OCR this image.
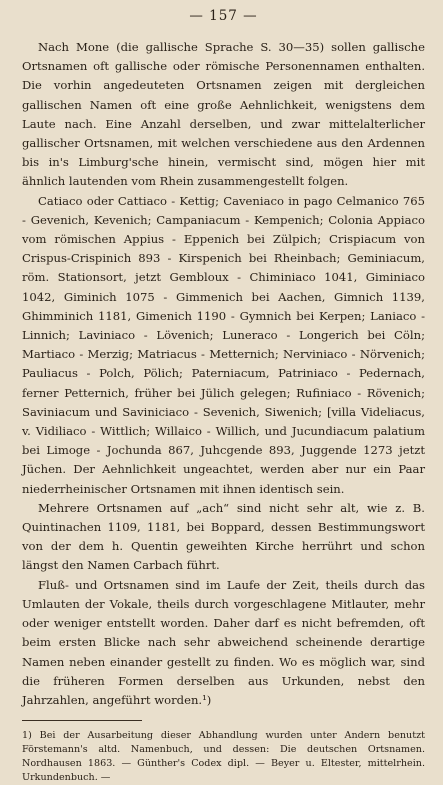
— 157 —

Nach Mone (die gallische Sprache S. 30—35) sollen gallische Ortsnamen oft gallische oder römische Personennamen enthalten. Die vorhin angedeuteten Ortsnamen zeigen mit dergleichen gallischen Namen oft eine große Aehnlichkeit, wenigstens dem Laute nach. Eine Anzahl derselben, und zwar mittelalterlicher gallischer Ortsnamen, mit welchen verschiedene aus den Ardennen bis in's Limburg'sche hinein, vermischt sind, mögen hier mit ähnlich lautenden vom Rhein zusammengestellt folgen.

Catiaco oder Cattiaco - Kettig; Caveniaco in pago Celmanico 765 - Gevenich, Kevenich; Campaniacum - Kempenich; Colonia Appiaco vom römischen Appius - Eppenich bei Zülpich; Crispiacum von Crispus-Crispinich 893 - Kirspenich bei Rheinbach; Geminiacum, röm. Stationsort, jetzt Gembloux - Chiminiaco 1041, Giminiaco 1042, Giminich 1075 - Gimmenich bei Aachen, Gimnich 1139, Ghimminich 1181, Gimenich 1190 - Gymnich bei Kerpen; Laniaco - Linnich; Laviniaco - Lövenich; Luneraco - Longerich bei Cöln; Martiaco - Merzig; Matriacus - Metternich; Nerviniaco - Nörvenich; Pauliacus - Polch, Pölich; Paterniacum, Patriniaco - Pedernach, ferner Petternich, früher bei Jülich gelegen; Rufiniaco - Rövenich; Saviniacum und Saviniciaco - Sevenich, Siwenich; [villa Videliacus, v. Vidiliaco - Wittlich; Willaico - Willich, und Jucundiacum palatium bei Limoge - Jochunda 867, Juhcgende 893, Juggende 1273 jetzt Jüchen. Der Aehnlichkeit ungeachtet, werden aber nur ein Paar niederrheinischer Ortsnamen mit ihnen identisch sein.

Mehrere Ortsnamen auf „ach“ sind nicht sehr alt, wie z. B. Quintinachen 1109, 1181, bei Boppard, dessen Bestimmungswort von der dem h. Quentin geweihten Kirche herrührt und schon längst den Namen Carbach führt.

Fluß- und Ortsnamen sind im Laufe der Zeit, theils durch das Umlauten der Vokale, theils durch vorgeschlagene Mitlauter, mehr oder weniger entstellt worden. Daher darf es nicht befremden, oft beim ersten Blicke nach sehr abweichend scheinende derartige Namen neben einander gestellt zu finden. Wo es möglich war, sind die früheren Formen derselben aus Urkunden, nebst den Jahrzahlen, angeführt worden.¹)

1) Bei der Ausarbeitung dieser Abhandlung wurden unter Andern benutzt Förstemann's altd. Namenbuch, und dessen: Die deutschen Ortsnamen. Nordhausen 1863. — Günther's Codex dipl. — Beyer u. Eltester, mittelrhein. Urkundenbuch. —
